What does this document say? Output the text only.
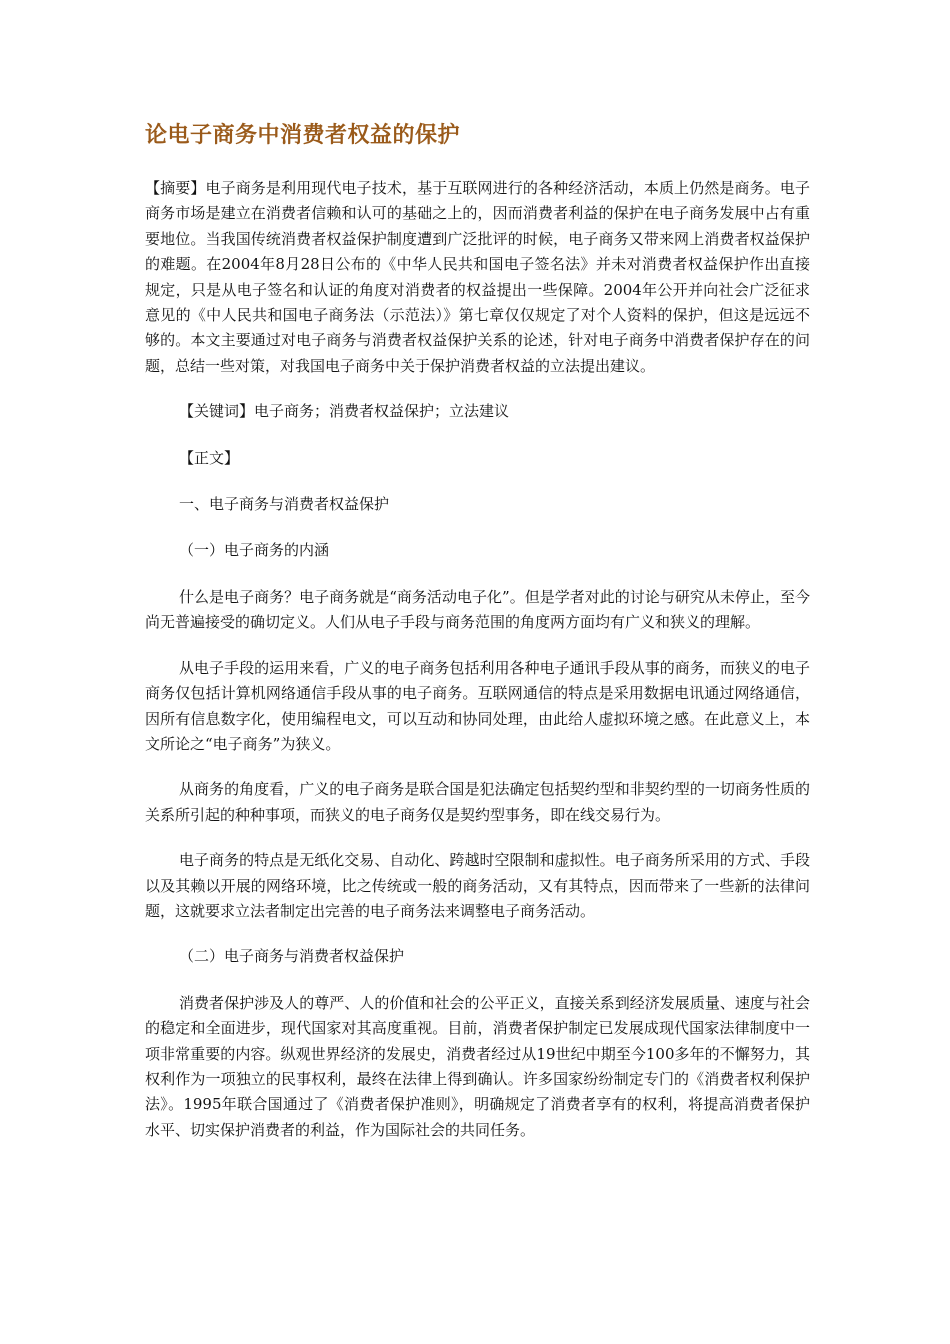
论电子商务中消费者权益的保护

【摘要】电子商务是利用现代电子技术，基于互联网进行的各种经济活动，本质上仍然是商务。电子商务市场是建立在消费者信赖和认可的基础之上的，因而消费者利益的保护在电子商务发展中占有重要地位。当我国传统消费者权益保护制度遭到广泛批评的时候，电子商务又带来网上消费者权益保护的难题。在2004年8月28日公布的《中华人民共和国电子签名法》并未对消费者权益保护作出直接规定，只是从电子签名和认证的角度对消费者的权益提出一些保障。2004年公开并向社会广泛征求意见的《中人民共和国电子商务法（示范法）》第七章仅仅规定了对个人资料的保护，但这是远远不够的。本文主要通过对电子商务与消费者权益保护关系的论述，针对电子商务中消费者保护存在的问题，总结一些对策，对我国电子商务中关于保护消费者权益的立法提出建议。

【关键词】电子商务；消费者权益保护；立法建议

【正文】

一、电子商务与消费者权益保护

（一）电子商务的内涵

什么是电子商务？电子商务就是“商务活动电子化”。但是学者对此的讨论与研究从未停止，至今尚无普遍接受的确切定义。人们从电子手段与商务范围的角度两方面均有广义和狭义的理解。

从电子手段的运用来看，广义的电子商务包括利用各种电子通讯手段从事的商务，而狭义的电子商务仅包括计算机网络通信手段从事的电子商务。互联网通信的特点是采用数据电讯通过网络通信，因所有信息数字化，使用编程电文，可以互动和协同处理，由此给人虚拟环境之感。在此意义上，本文所论之“电子商务”为狭义。

从商务的角度看，广义的电子商务是联合国是犯法确定包括契约型和非契约型的一切商务性质的关系所引起的种种事项，而狭义的电子商务仅是契约型事务，即在线交易行为。

电子商务的特点是无纸化交易、自动化、跨越时空限制和虚拟性。电子商务所采用的方式、手段以及其赖以开展的网络环境，比之传统或一般的商务活动，又有其特点，因而带来了一些新的法律问题，这就要求立法者制定出完善的电子商务法来调整电子商务活动。

（二）电子商务与消费者权益保护

消费者保护涉及人的尊严、人的价值和社会的公平正义，直接关系到经济发展质量、速度与社会的稳定和全面进步，现代国家对其高度重视。目前，消费者保护制定已发展成现代国家法律制度中一项非常重要的内容。纵观世界经济的发展史，消费者经过从19世纪中期至今100多年的不懈努力，其权利作为一项独立的民事权利，最终在法律上得到确认。许多国家纷纷制定专门的《消费者权利保护法》。1995年联合国通过了《消费者保护准则》，明确规定了消费者享有的权利，将提高消费者保护水平、切实保护消费者的利益，作为国际社会的共同任务。
